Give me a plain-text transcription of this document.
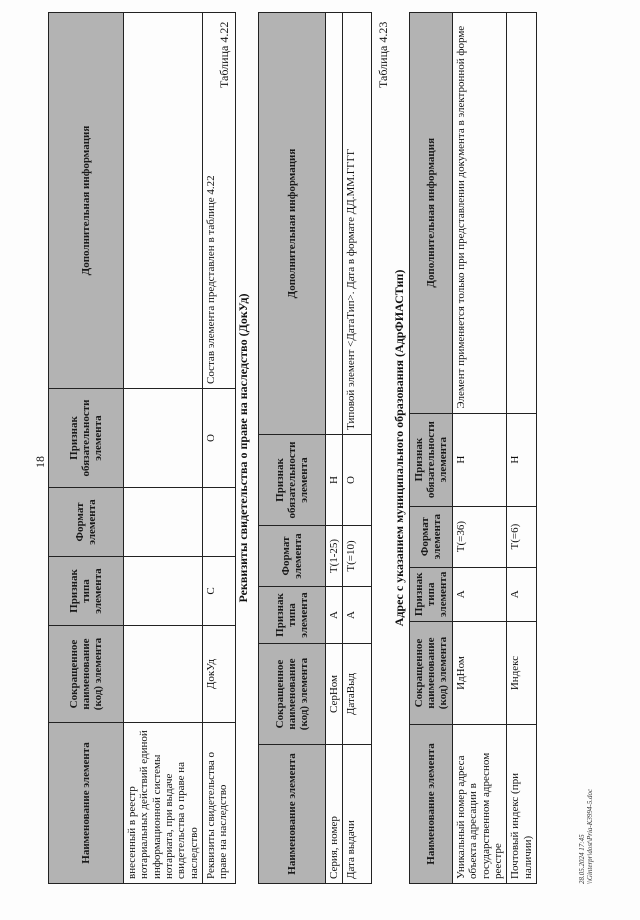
18
Наименование элемента	Сокращенное наименование (код) элемента	Признак типа элемента	Формат элемента	Признак обязательности элемента	Дополнительная информация
внесенный в реестр нотариальных действий единой информационной системы нотариата, при выдаче свидетельства о праве на наследство					
Реквизиты свидетельства о праве на наследство	ДокУд	С		О	Состав элемента представлен в таблице 4.22
Таблица 4.22
Реквизиты свидетельства о праве на наследство (ДокУд)
Наименование элемента	Сокращенное наименование (код) элемента	Признак типа элемента	Формат элемента	Признак обязательности элемента	Дополнительная информация
Серия, номер	СерНом	А	T(1-25)	Н	
Дата выдачи	ДатаВыд	А	T(=10)	О	Типовой элемент <ДатаТип>. Дата в формате ДД.ММ.ГГГГ
Таблица 4.23
Адрес с указанием муниципального образования (АдрФИАСТип)
Наименование элемента	Сокращенное наименование (код) элемента	Признак типа элемента	Формат элемента	Признак обязательности элемента	Дополнительная информация
Уникальный номер адреса объекта адресации в государственном адресном реестре	ИдНом	А	T(=36)	Н	Элемент применяется только при представлении документа в электронной форме
Почтовый индекс (при наличии)	Индекс	А	T(=6)	Н	
28.05.2024 17:45 \\Ginterpr\dost\Pria-K3994-5.doc
